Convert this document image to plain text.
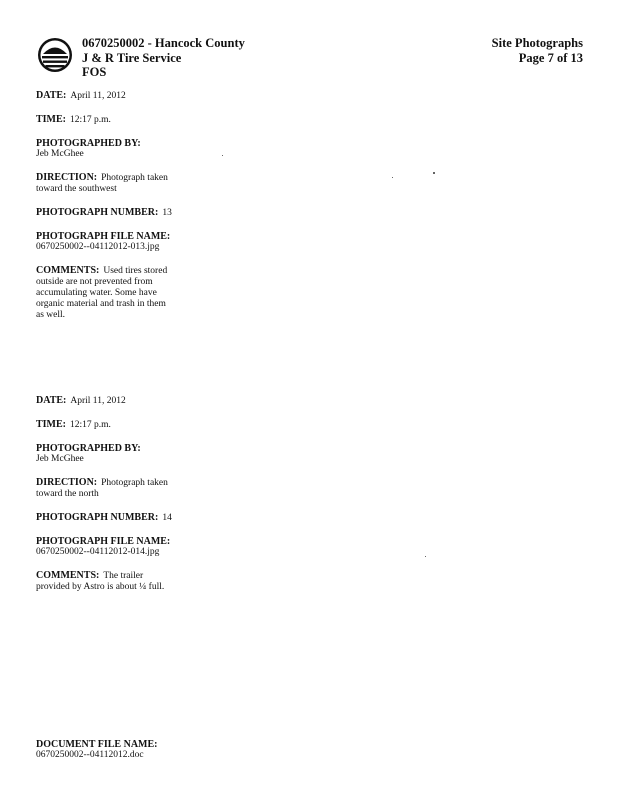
0670250002 - Hancock County
J & R Tire Service
FOS
Site Photographs
Page 7 of 13
DATE: April 11, 2012
TIME: 12:17 p.m.
PHOTOGRAPHED BY:
Jeb McGhee
DIRECTION: Photograph taken
toward the southwest
PHOTOGRAPH NUMBER: 13
PHOTOGRAPH FILE NAME:
0670250002--04112012-013.jpg
COMMENTS: Used tires stored
outside are not prevented from
accumulating water. Some have
organic material and trash in them
as well.
DATE: April 11, 2012
TIME: 12:17 p.m.
PHOTOGRAPHED BY:
Jeb McGhee
DIRECTION: Photograph taken
toward the north
PHOTOGRAPH NUMBER: 14
PHOTOGRAPH FILE NAME:
0670250002--04112012-014.jpg
COMMENTS: The trailer
provided by Astro is about ¼ full.
DOCUMENT FILE NAME:
0670250002--04112012.doc
